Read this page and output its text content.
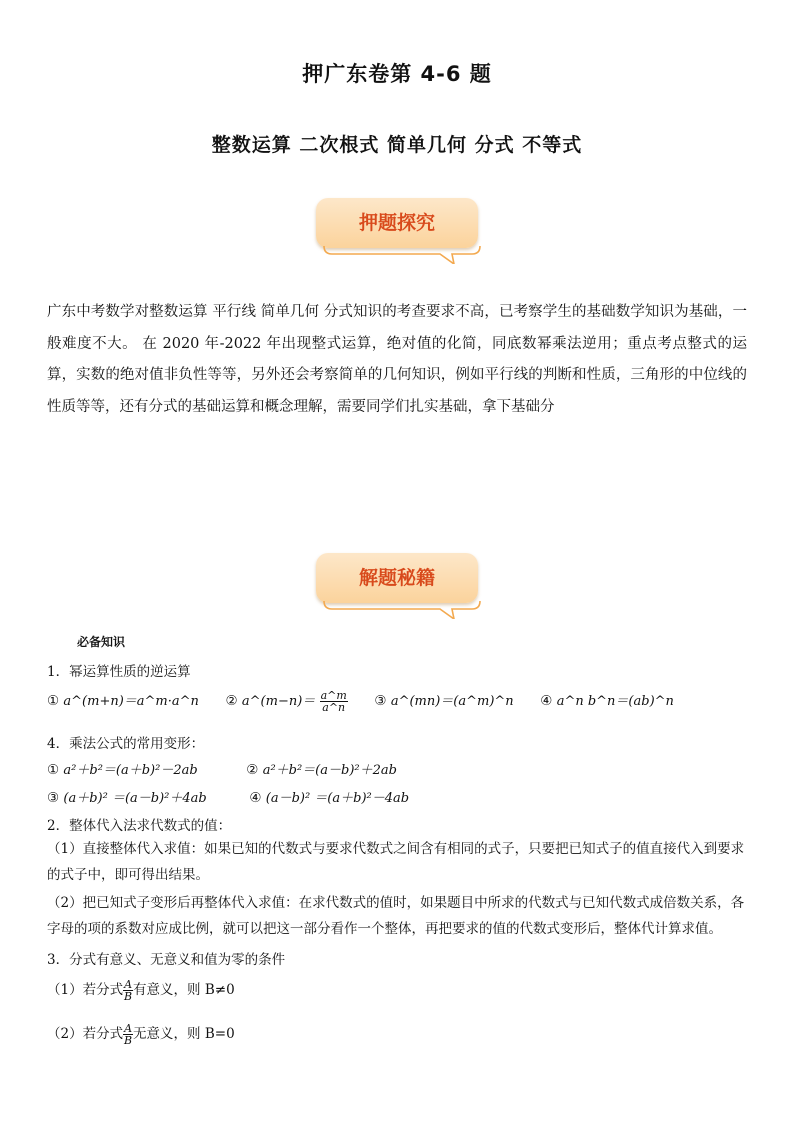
押广东卷第 4-6 题
整数运算 二次根式 简单几何 分式 不等式
押题探究
广东中考数学对整数运算 平行线 简单几何 分式知识的考查要求不高，已考察学生的基础数学知识为基础，一般难度不大。 在 2020 年-2022 年出现整式运算，绝对值的化简，同底数幂乘法逆用；重点考点整式的运算，实数的绝对值非负性等等，另外还会考察简单的几何知识，例如平行线的判断和性质，三角形的中位线的性质等等，还有分式的基础运算和概念理解，需要同学们扎实基础，拿下基础分
解题秘籍
必备知识
1．幂运算性质的逆运算
① a^(m+n)＝a^m·a^n ② a^(m−n)＝ $\frac{a\^{}m}{a\^{}n}$ ③ a^(mn)＝(a^m)^n ④ a^n b^n＝(ab)^n
4．乘法公式的常用变形：
① a²＋b²＝(a＋b)²－2ab	② a²＋b²＝(a－b)²＋2ab
③ (a＋b)² ＝(a－b)²＋4ab	④ (a－b)² ＝(a＋b)²－4ab
2．整体代入法求代数式的值：
（1）直接整体代入求值：如果已知的代数式与要求代数式之间含有相同的式子，只要把已知式子的值直接代入到要求的式子中，即可得出结果。
（2）把已知式子变形后再整体代入求值：在求代数式的值时，如果题目中所求的代数式与已知代数式成倍数关系，各字母的项的系数对应成比例，就可以把这一部分看作一个整体，再把要求的值的代数式变形后，整体代计算求值。
3．分式有意义、无意义和值为零的条件
（1）若分式 $\frac{A}{B}$ 有意义，则 B≠0
（2）若分式 $\frac{A}{B}$ 无意义，则 B=0
